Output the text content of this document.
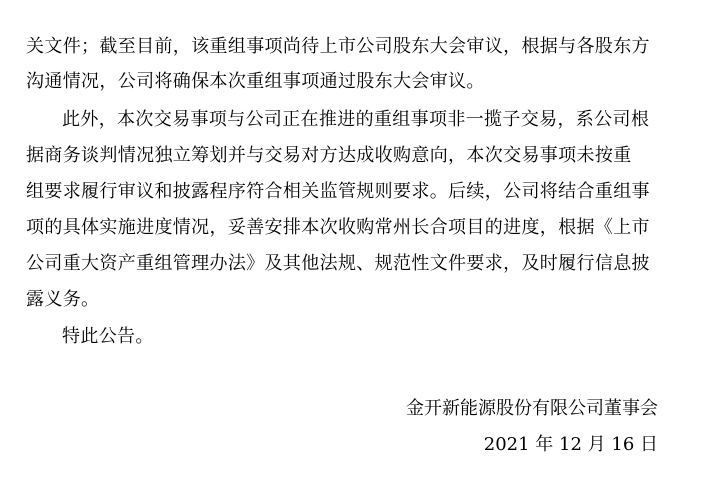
关文件；截至目前，该重组事项尚待上市公司股东大会审议，根据与各股东方
沟通情况，公司将确保本次重组事项通过股东大会审议。
此外，本次交易事项与公司正在推进的重组事项非一揽子交易，系公司根
据商务谈判情况独立筹划并与交易对方达成收购意向，本次交易事项未按重
组要求履行审议和披露程序符合相关监管规则要求。后续，公司将结合重组事
项的具体实施进度情况，妥善安排本次收购常州长合项目的进度，根据《上市
公司重大资产重组管理办法》及其他法规、规范性文件要求，及时履行信息披
露义务。
特此公告。
金开新能源股份有限公司董事会
2021 年 12 月 16 日
